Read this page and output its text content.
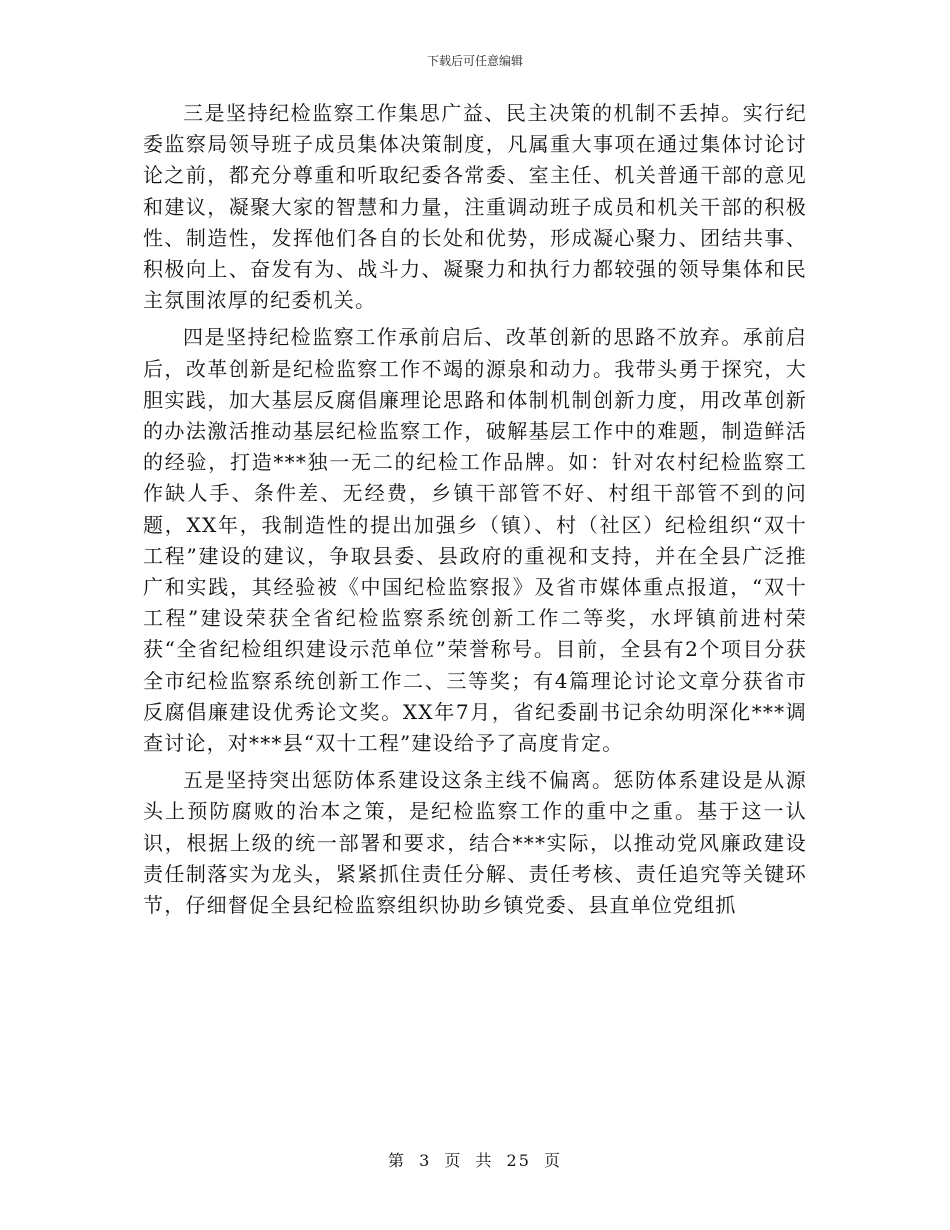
下载后可任意编辑

三是坚持纪检监察工作集思广益、民主决策的机制不丢掉。实行纪委监察局领导班子成员集体决策制度，凡属重大事项在通过集体讨论讨论之前，都充分尊重和听取纪委各常委、室主任、机关普通干部的意见和建议，凝聚大家的智慧和力量，注重调动班子成员和机关干部的积极性、制造性，发挥他们各自的长处和优势，形成凝心聚力、团结共事、积极向上、奋发有为、战斗力、凝聚力和执行力都较强的领导集体和民主氛围浓厚的纪委机关。

四是坚持纪检监察工作承前启后、改革创新的思路不放弃。承前启后，改革创新是纪检监察工作不竭的源泉和动力。我带头勇于探究，大胆实践，加大基层反腐倡廉理论思路和体制机制创新力度，用改革创新的办法激活推动基层纪检监察工作，破解基层工作中的难题，制造鲜活的经验，打造***独一无二的纪检工作品牌。如：针对农村纪检监察工作缺人手、条件差、无经费，乡镇干部管不好、村组干部管不到的问题，XX年，我制造性的提出加强乡（镇）、村（社区）纪检组织“双十工程”建设的建议，争取县委、县政府的重视和支持，并在全县广泛推广和实践，其经验被《中国纪检监察报》及省市媒体重点报道，“双十工程”建设荣获全省纪检监察系统创新工作二等奖，水坪镇前进村荣获“全省纪检组织建设示范单位”荣誉称号。目前，全县有2个项目分获全市纪检监察系统创新工作二、三等奖；有4篇理论讨论文章分获省市反腐倡廉建设优秀论文奖。XX年7月，省纪委副书记余幼明深化***调查讨论，对***县“双十工程”建设给予了高度肯定。

五是坚持突出惩防体系建设这条主线不偏离。惩防体系建设是从源头上预防腐败的治本之策，是纪检监察工作的重中之重。基于这一认识，根据上级的统一部署和要求，结合***实际，以推动党风廉政建设责任制落实为龙头，紧紧抓住责任分解、责任考核、责任追究等关键环节，仔细督促全县纪检监察组织协助乡镇党委、县直单位党组抓

第 3 页 共 25 页
